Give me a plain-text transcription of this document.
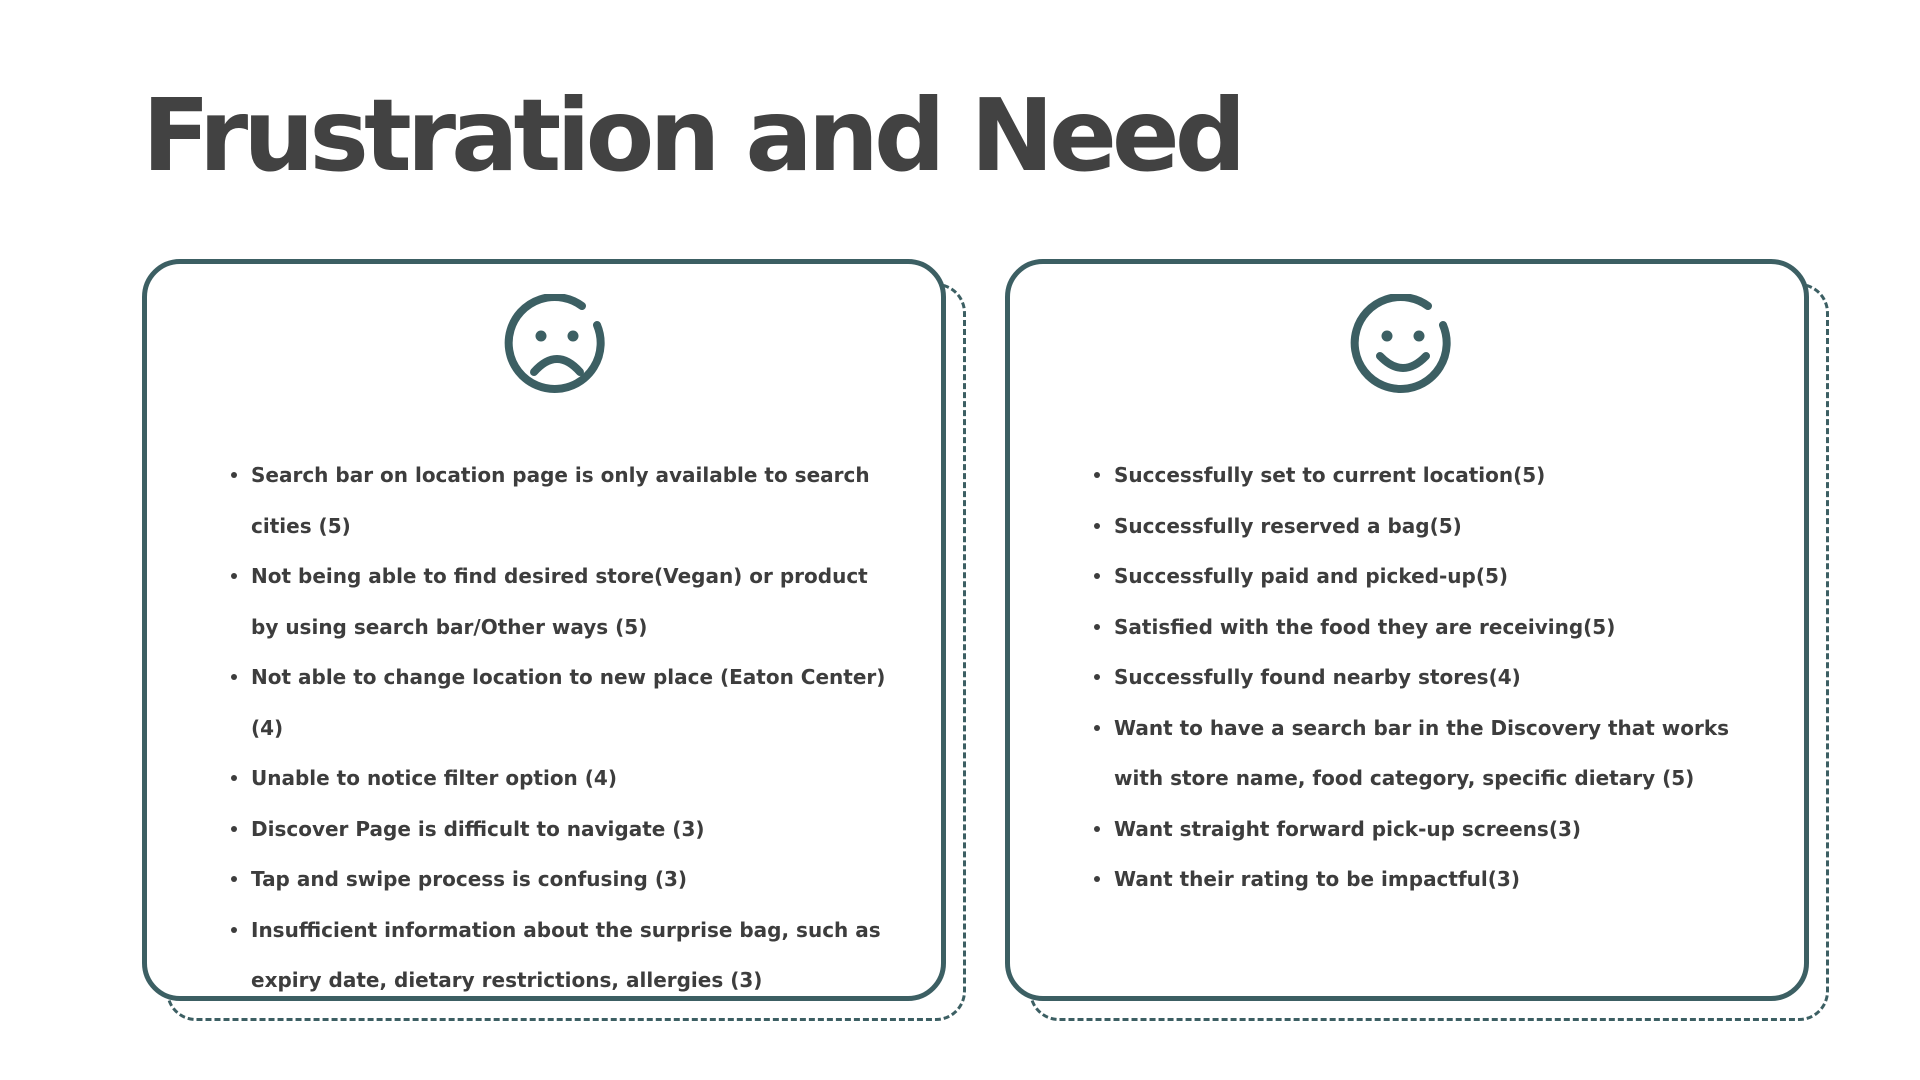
Frustration and Need
Search bar on location page is only available to search cities (5)
Not being able to find desired store(Vegan) or product by using search bar/Other ways (5)
Not able to change location to new place (Eaton Center) (4)
Unable to notice filter option (4)
Discover Page is difficult to navigate (3)
Tap and swipe process is confusing (3)
Insufficient information about the surprise bag, such as expiry date, dietary restrictions, allergies (3)
Successfully set to current location(5)
Successfully reserved a bag(5)
Successfully paid and picked-up(5)
Satisfied with the food they are receiving(5)
Successfully found nearby stores(4)
Want to have a search bar in the Discovery that works with store name, food category, specific dietary (5)
Want straight forward pick-up screens(3)
Want their rating to be impactful(3)
